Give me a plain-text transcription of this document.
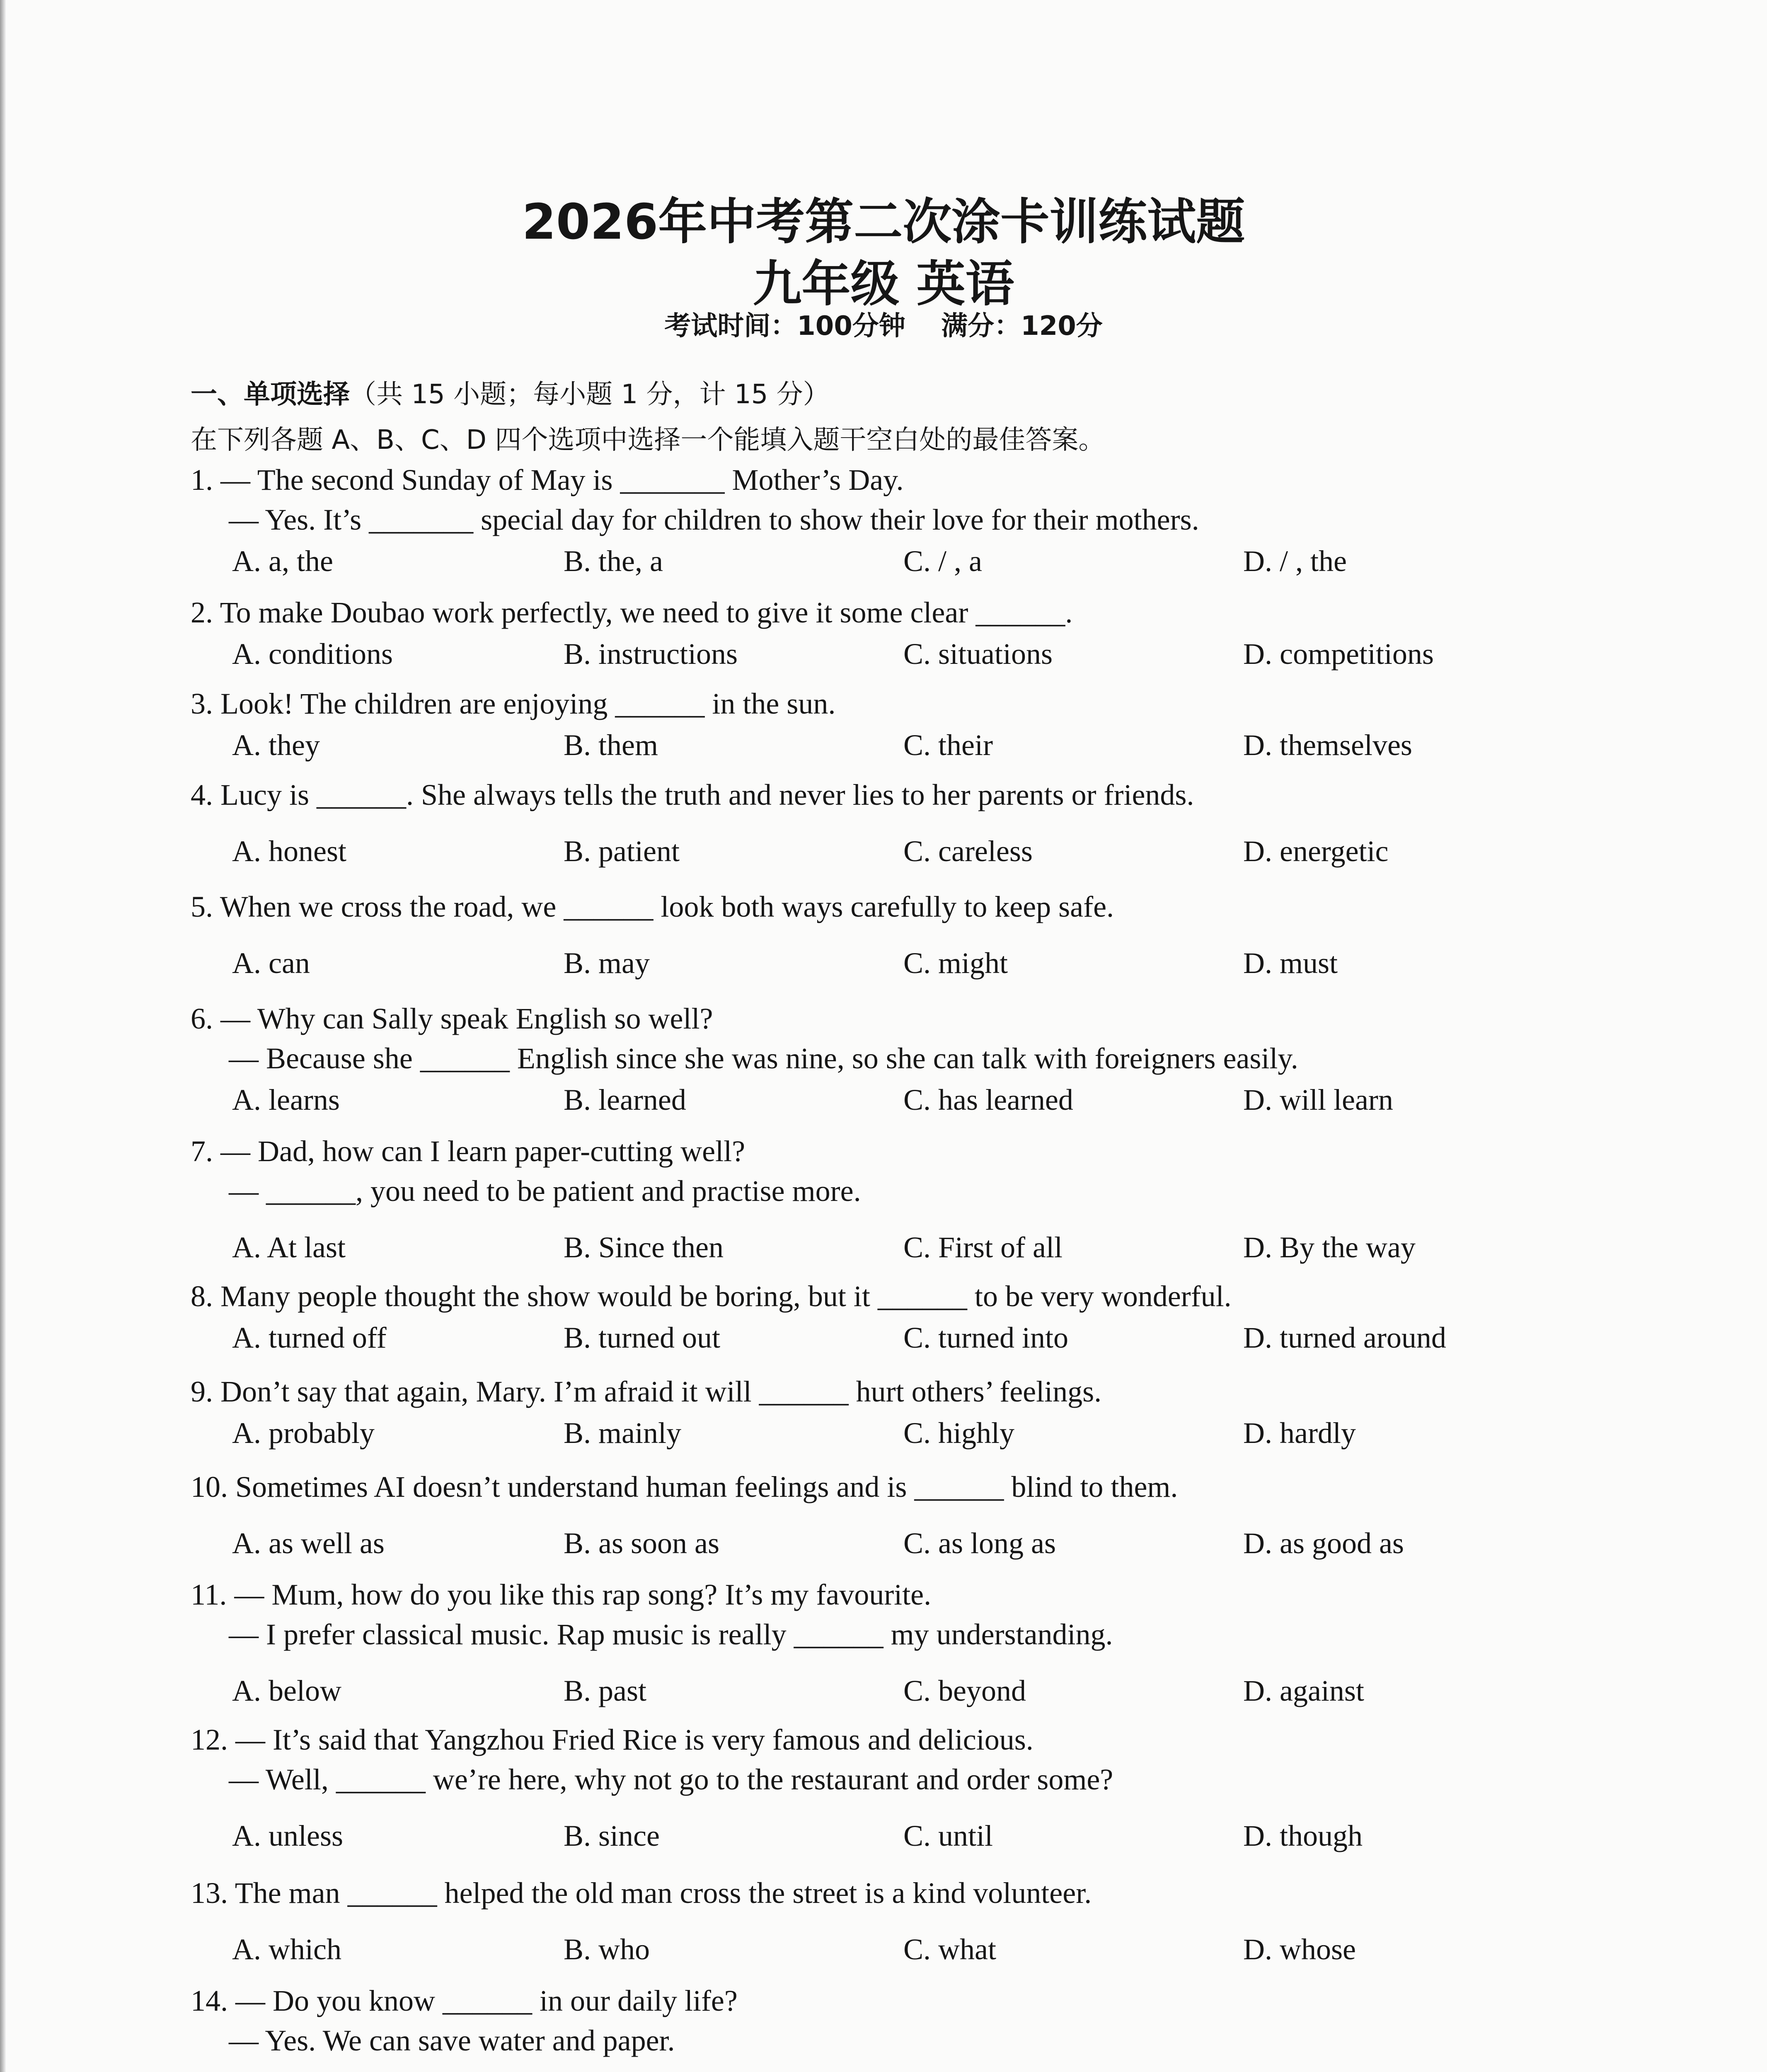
2026年中考第二次涂卡训练试题
九年级 英语
考试时间：100分钟 满分：120分
一、单项选择（共 15 小题；每小题 1 分，计 15 分）
在下列各题 A、B、C、D 四个选项中选择一个能填入题干空白处的最佳答案。
1. — The second Sunday of May is _______ Mother’s Day.
— Yes. It’s _______ special day for children to show their love for their mothers.
A. a, the	B. the, a	C. / , a	D. / , the
2. To make Doubao work perfectly, we need to give it some clear ______.
A. conditions	B. instructions	C. situations	D. competitions
3. Look! The children are enjoying ______ in the sun.
A. they	B. them	C. their	D. themselves
4. Lucy is ______. She always tells the truth and never lies to her parents or friends.
A. honest	B. patient	C. careless	D. energetic
5. When we cross the road, we ______ look both ways carefully to keep safe.
A. can	B. may	C. might	D. must
6. — Why can Sally speak English so well?
— Because she ______ English since she was nine, so she can talk with foreigners easily.
A. learns	B. learned	C. has learned	D. will learn
7. — Dad, how can I learn paper-cutting well?
— ______, you need to be patient and practise more.
A. At last	B. Since then	C. First of all	D. By the way
8. Many people thought the show would be boring, but it ______ to be very wonderful.
A. turned off	B. turned out	C. turned into	D. turned around
9. Don’t say that again, Mary. I’m afraid it will ______ hurt others’ feelings.
A. probably	B. mainly	C. highly	D. hardly
10. Sometimes AI doesn’t understand human feelings and is ______ blind to them.
A. as well as	B. as soon as	C. as long as	D. as good as
11. — Mum, how do you like this rap song? It’s my favourite.
— I prefer classical music. Rap music is really ______ my understanding.
A. below	B. past	C. beyond	D. against
12. — It’s said that Yangzhou Fried Rice is very famous and delicious.
— Well, ______ we’re here, why not go to the restaurant and order some?
A. unless	B. since	C. until	D. though
13. The man ______ helped the old man cross the street is a kind volunteer.
A. which	B. who	C. what	D. whose
14. — Do you know ______ in our daily life?
— Yes. We can save water and paper.
